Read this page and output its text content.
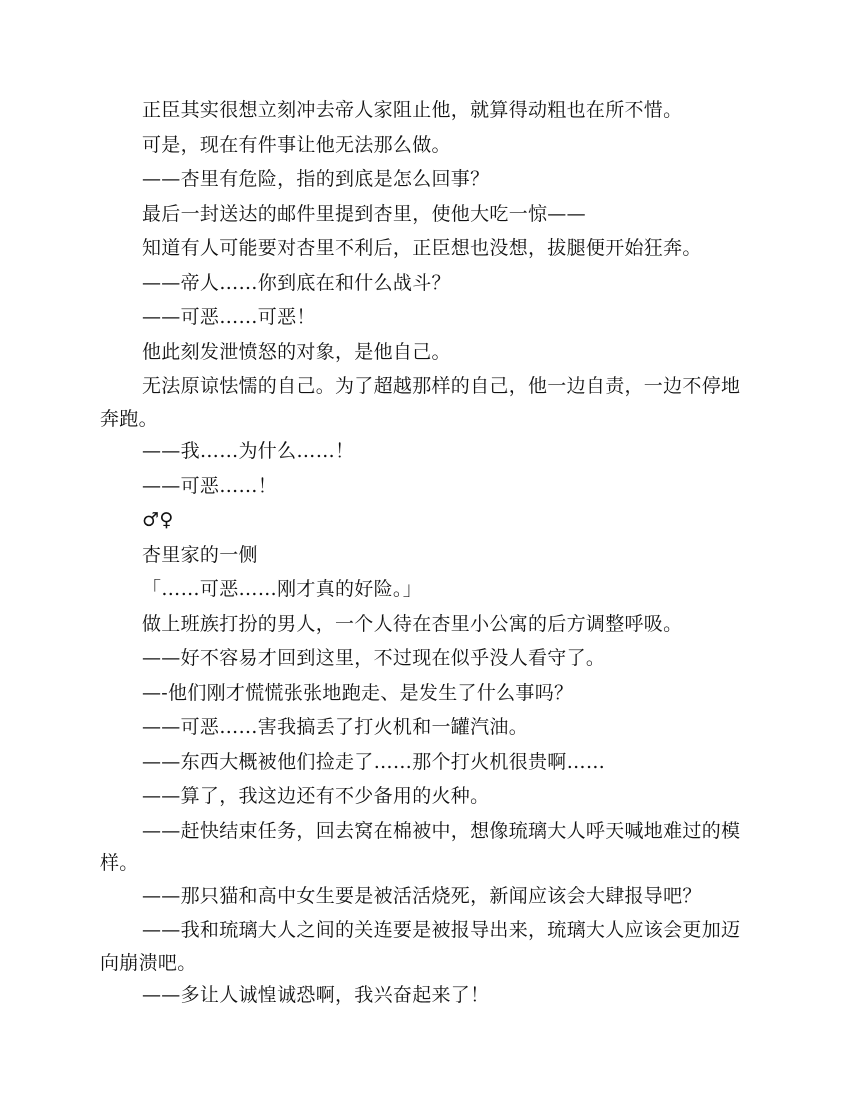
正臣其实很想立刻冲去帝人家阻止他，就算得动粗也在所不惜。

可是，现在有件事让他无法那么做。

——杏里有危险，指的到底是怎么回事？

最后一封送达的邮件里提到杏里，使他大吃一惊——

知道有人可能要对杏里不利后，正臣想也没想，拔腿便开始狂奔。

——帝人……你到底在和什么战斗？

——可恶……可恶！

他此刻发泄愤怒的对象，是他自己。

无法原谅怯懦的自己。为了超越那样的自己，他一边自责，一边不停地奔跑。

——我……为什么……！

——可恶……！

♂♀

杏里家的一侧

「……可恶……刚才真的好险。」

做上班族打扮的男人，一个人待在杏里小公寓的后方调整呼吸。

——好不容易才回到这里，不过现在似乎没人看守了。

—-他们刚才慌慌张张地跑走、是发生了什么事吗？

——可恶……害我搞丢了打火机和一罐汽油。

——东西大概被他们捡走了……那个打火机很贵啊……

——算了，我这边还有不少备用的火种。

——赶快结束任务，回去窝在棉被中，想像琉璃大人呼天喊地难过的模样。

——那只猫和高中女生要是被活活烧死，新闻应该会大肆报导吧？

——我和琉璃大人之间的关连要是被报导出来，琉璃大人应该会更加迈向崩溃吧。

——多让人诚惶诚恐啊，我兴奋起来了！
